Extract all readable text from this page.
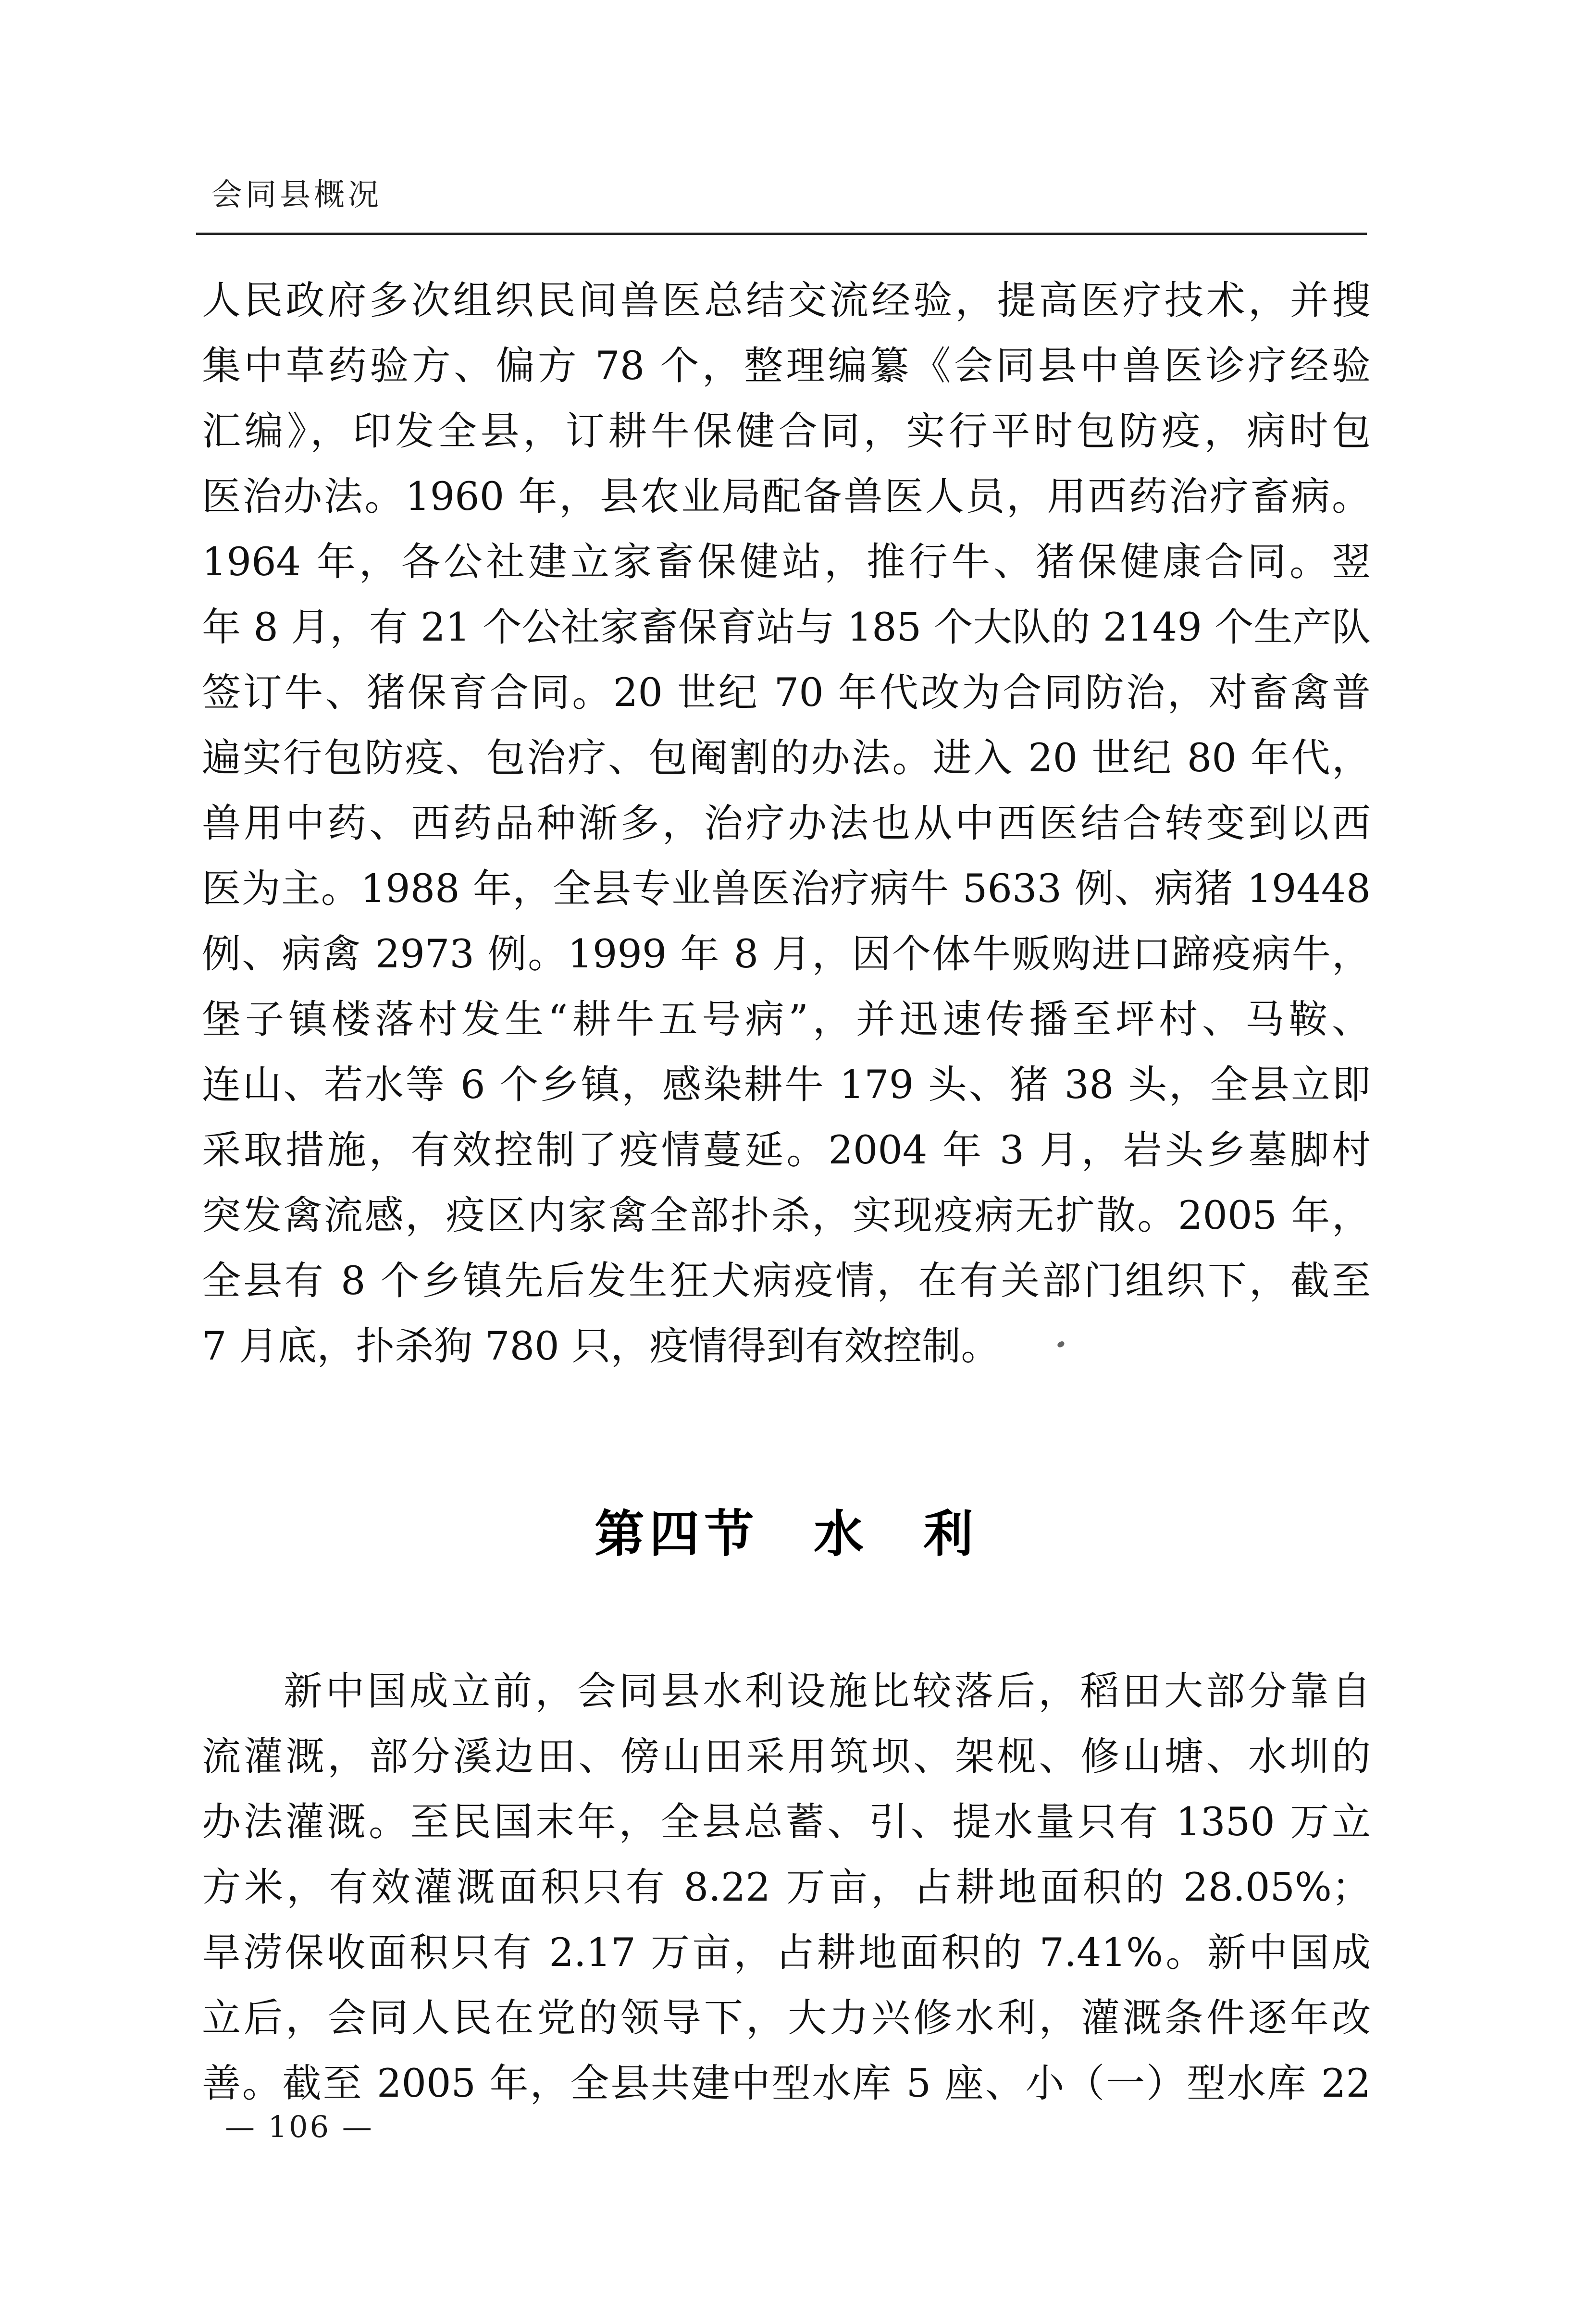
会同县概况
人民政府多次组织民间兽医总结交流经验，提高医疗技术，并搜
集中草药验方、偏方 78 个，整理编纂《会同县中兽医诊疗经验
汇编》，印发全县，订耕牛保健合同，实行平时包防疫，病时包
医治办法。1960 年，县农业局配备兽医人员，用西药治疗畜病。
1964 年，各公社建立家畜保健站，推行牛、猪保健康合同。翌
年 8 月，有 21 个公社家畜保育站与 185 个大队的 2149 个生产队
签订牛、猪保育合同。20 世纪 70 年代改为合同防治，对畜禽普
遍实行包防疫、包治疗、包阉割的办法。进入 20 世纪 80 年代，
兽用中药、西药品种渐多，治疗办法也从中西医结合转变到以西
医为主。1988 年，全县专业兽医治疗病牛 5633 例、病猪 19448
例、病禽 2973 例。1999 年 8 月，因个体牛贩购进口蹄疫病牛，
堡子镇楼落村发生“耕牛五号病”，并迅速传播至坪村、马鞍、
连山、若水等 6 个乡镇，感染耕牛 179 头、猪 38 头，全县立即
采取措施，有效控制了疫情蔓延。2004 年 3 月，岩头乡墓脚村
突发禽流感，疫区内家禽全部扑杀，实现疫病无扩散。2005 年，
全县有 8 个乡镇先后发生狂犬病疫情，在有关部门组织下，截至
7 月底，扑杀狗 780 只，疫情得到有效控制。
第四节　水　利
新中国成立前，会同县水利设施比较落后，稻田大部分靠自
流灌溉，部分溪边田、傍山田采用筑坝、架枧、修山塘、水圳的
办法灌溉。至民国末年，全县总蓄、引、提水量只有 1350 万立
方米，有效灌溉面积只有 8.22 万亩，占耕地面积的 28.05%；
旱涝保收面积只有 2.17 万亩，占耕地面积的 7.41%。新中国成
立后，会同人民在党的领导下，大力兴修水利，灌溉条件逐年改
善。截至 2005 年，全县共建中型水库 5 座、小（一）型水库 22
— 106 —
